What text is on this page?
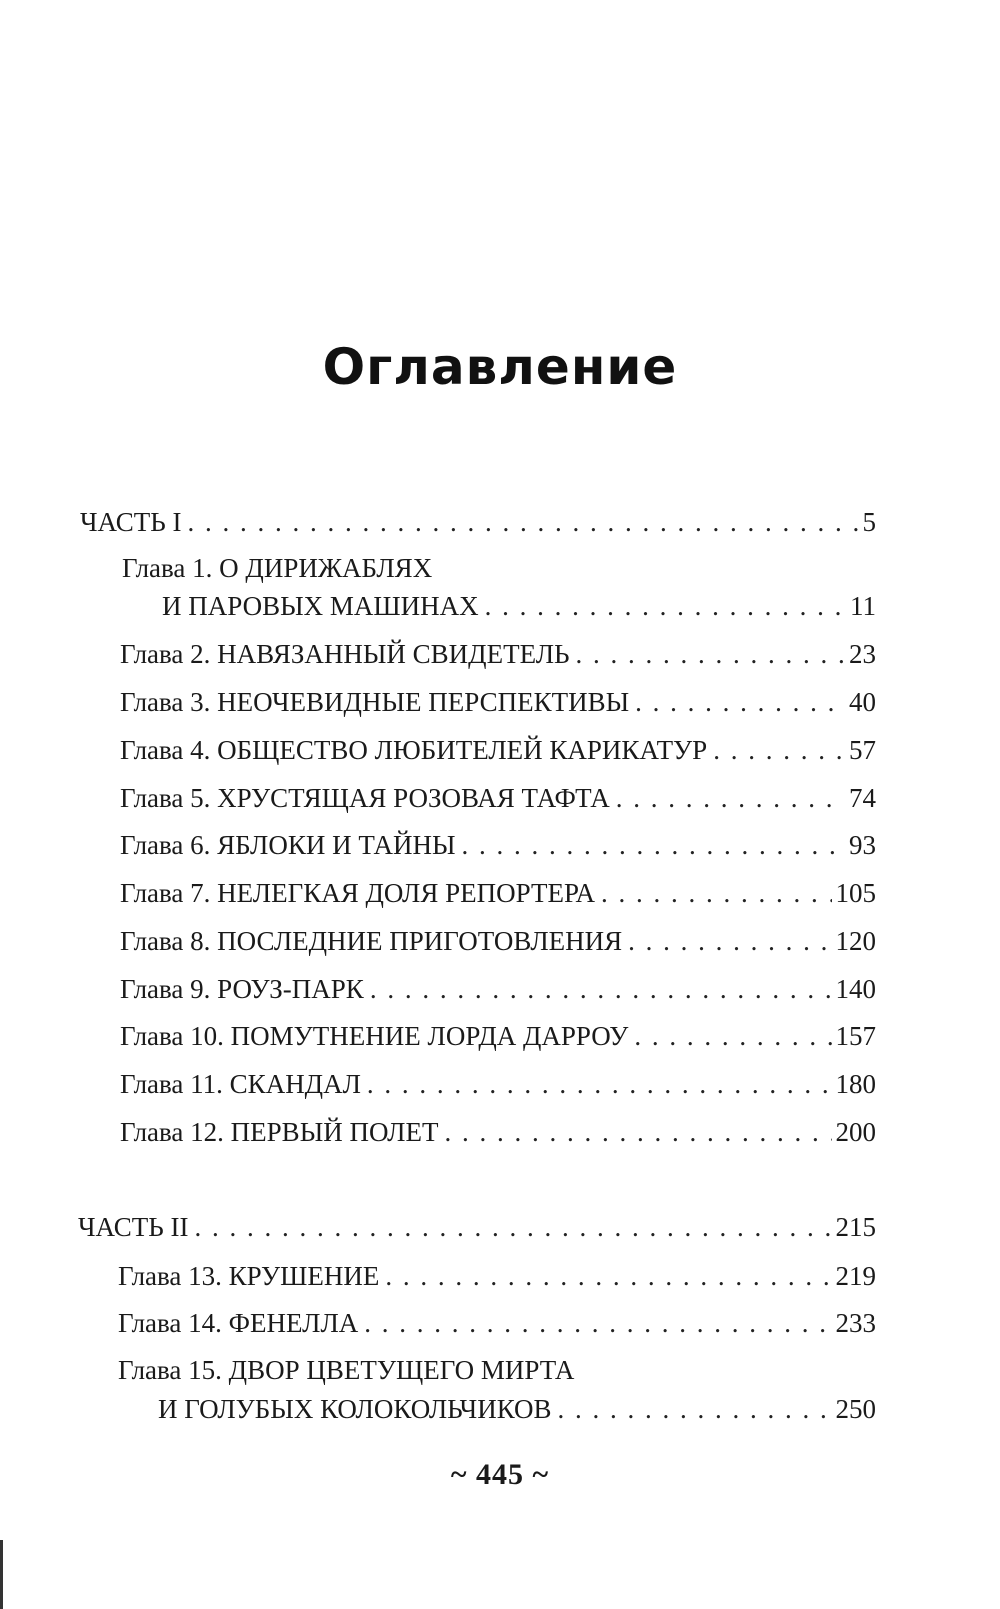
Оглавление
ЧАСТЬ I . . .	5
Глава 1. О ДИРИЖАБЛЯХ
И ПАРОВЫХ МАШИНАХ . . .	11
Глава 2. НАВЯЗАННЫЙ СВИДЕТЕЛЬ . . .	23
Глава 3. НЕОЧЕВИДНЫЕ ПЕРСПЕКТИВЫ . . .	40
Глава 4. ОБЩЕСТВО ЛЮБИТЕЛЕЙ КАРИКАТУР . . .	57
Глава 5. ХРУСТЯЩАЯ РОЗОВАЯ ТАФТА . . .	74
Глава 6. ЯБЛОКИ И ТАЙНЫ . . .	93
Глава 7. НЕЛЕГКАЯ ДОЛЯ РЕПОРТЕРА . . .	105
Глава 8. ПОСЛЕДНИЕ ПРИГОТОВЛЕНИЯ . . .	120
Глава 9. РОУЗ-ПАРК . . .	140
Глава 10. ПОМУТНЕНИЕ ЛОРДА ДАРРОУ . . .	157
Глава 11. СКАНДАЛ . . .	180
Глава 12. ПЕРВЫЙ ПОЛЕТ . . .	200
ЧАСТЬ II . . .	215
Глава 13. КРУШЕНИЕ . . .	219
Глава 14. ФЕНЕЛЛА . . .	233
Глава 15. ДВОР ЦВЕТУЩЕГО МИРТА
И ГОЛУБЫХ КОЛОКОЛЬЧИКОВ . . .	250
~ 445 ~
